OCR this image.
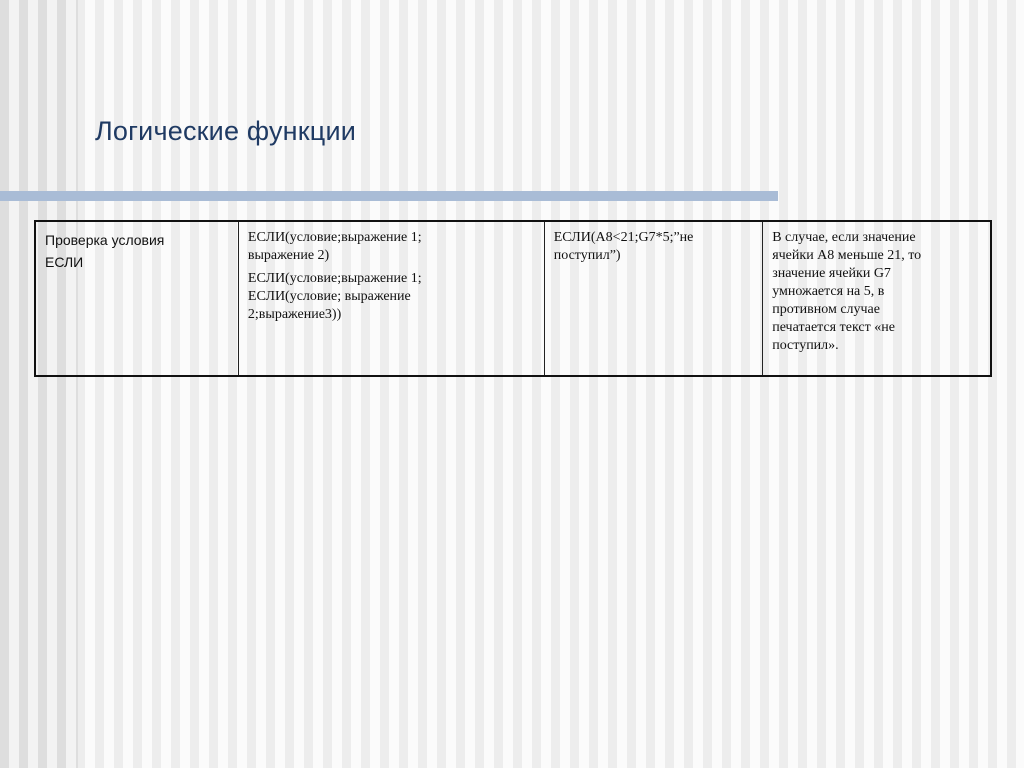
Логические функции
Проверка условия
ЕСЛИ

ЕСЛИ(условие;выражение 1;
выражение 2)
ЕСЛИ(условие;выражение 1;
ЕСЛИ(условие; выражение
2;выражение3))

ЕСЛИ(A8<21;G7*5;”не
поступил”)

В случае, если значение
ячейки А8 меньше 21, то
значение ячейки G7
умножается на 5, в
противном случае
печатается текст «не
поступил».
